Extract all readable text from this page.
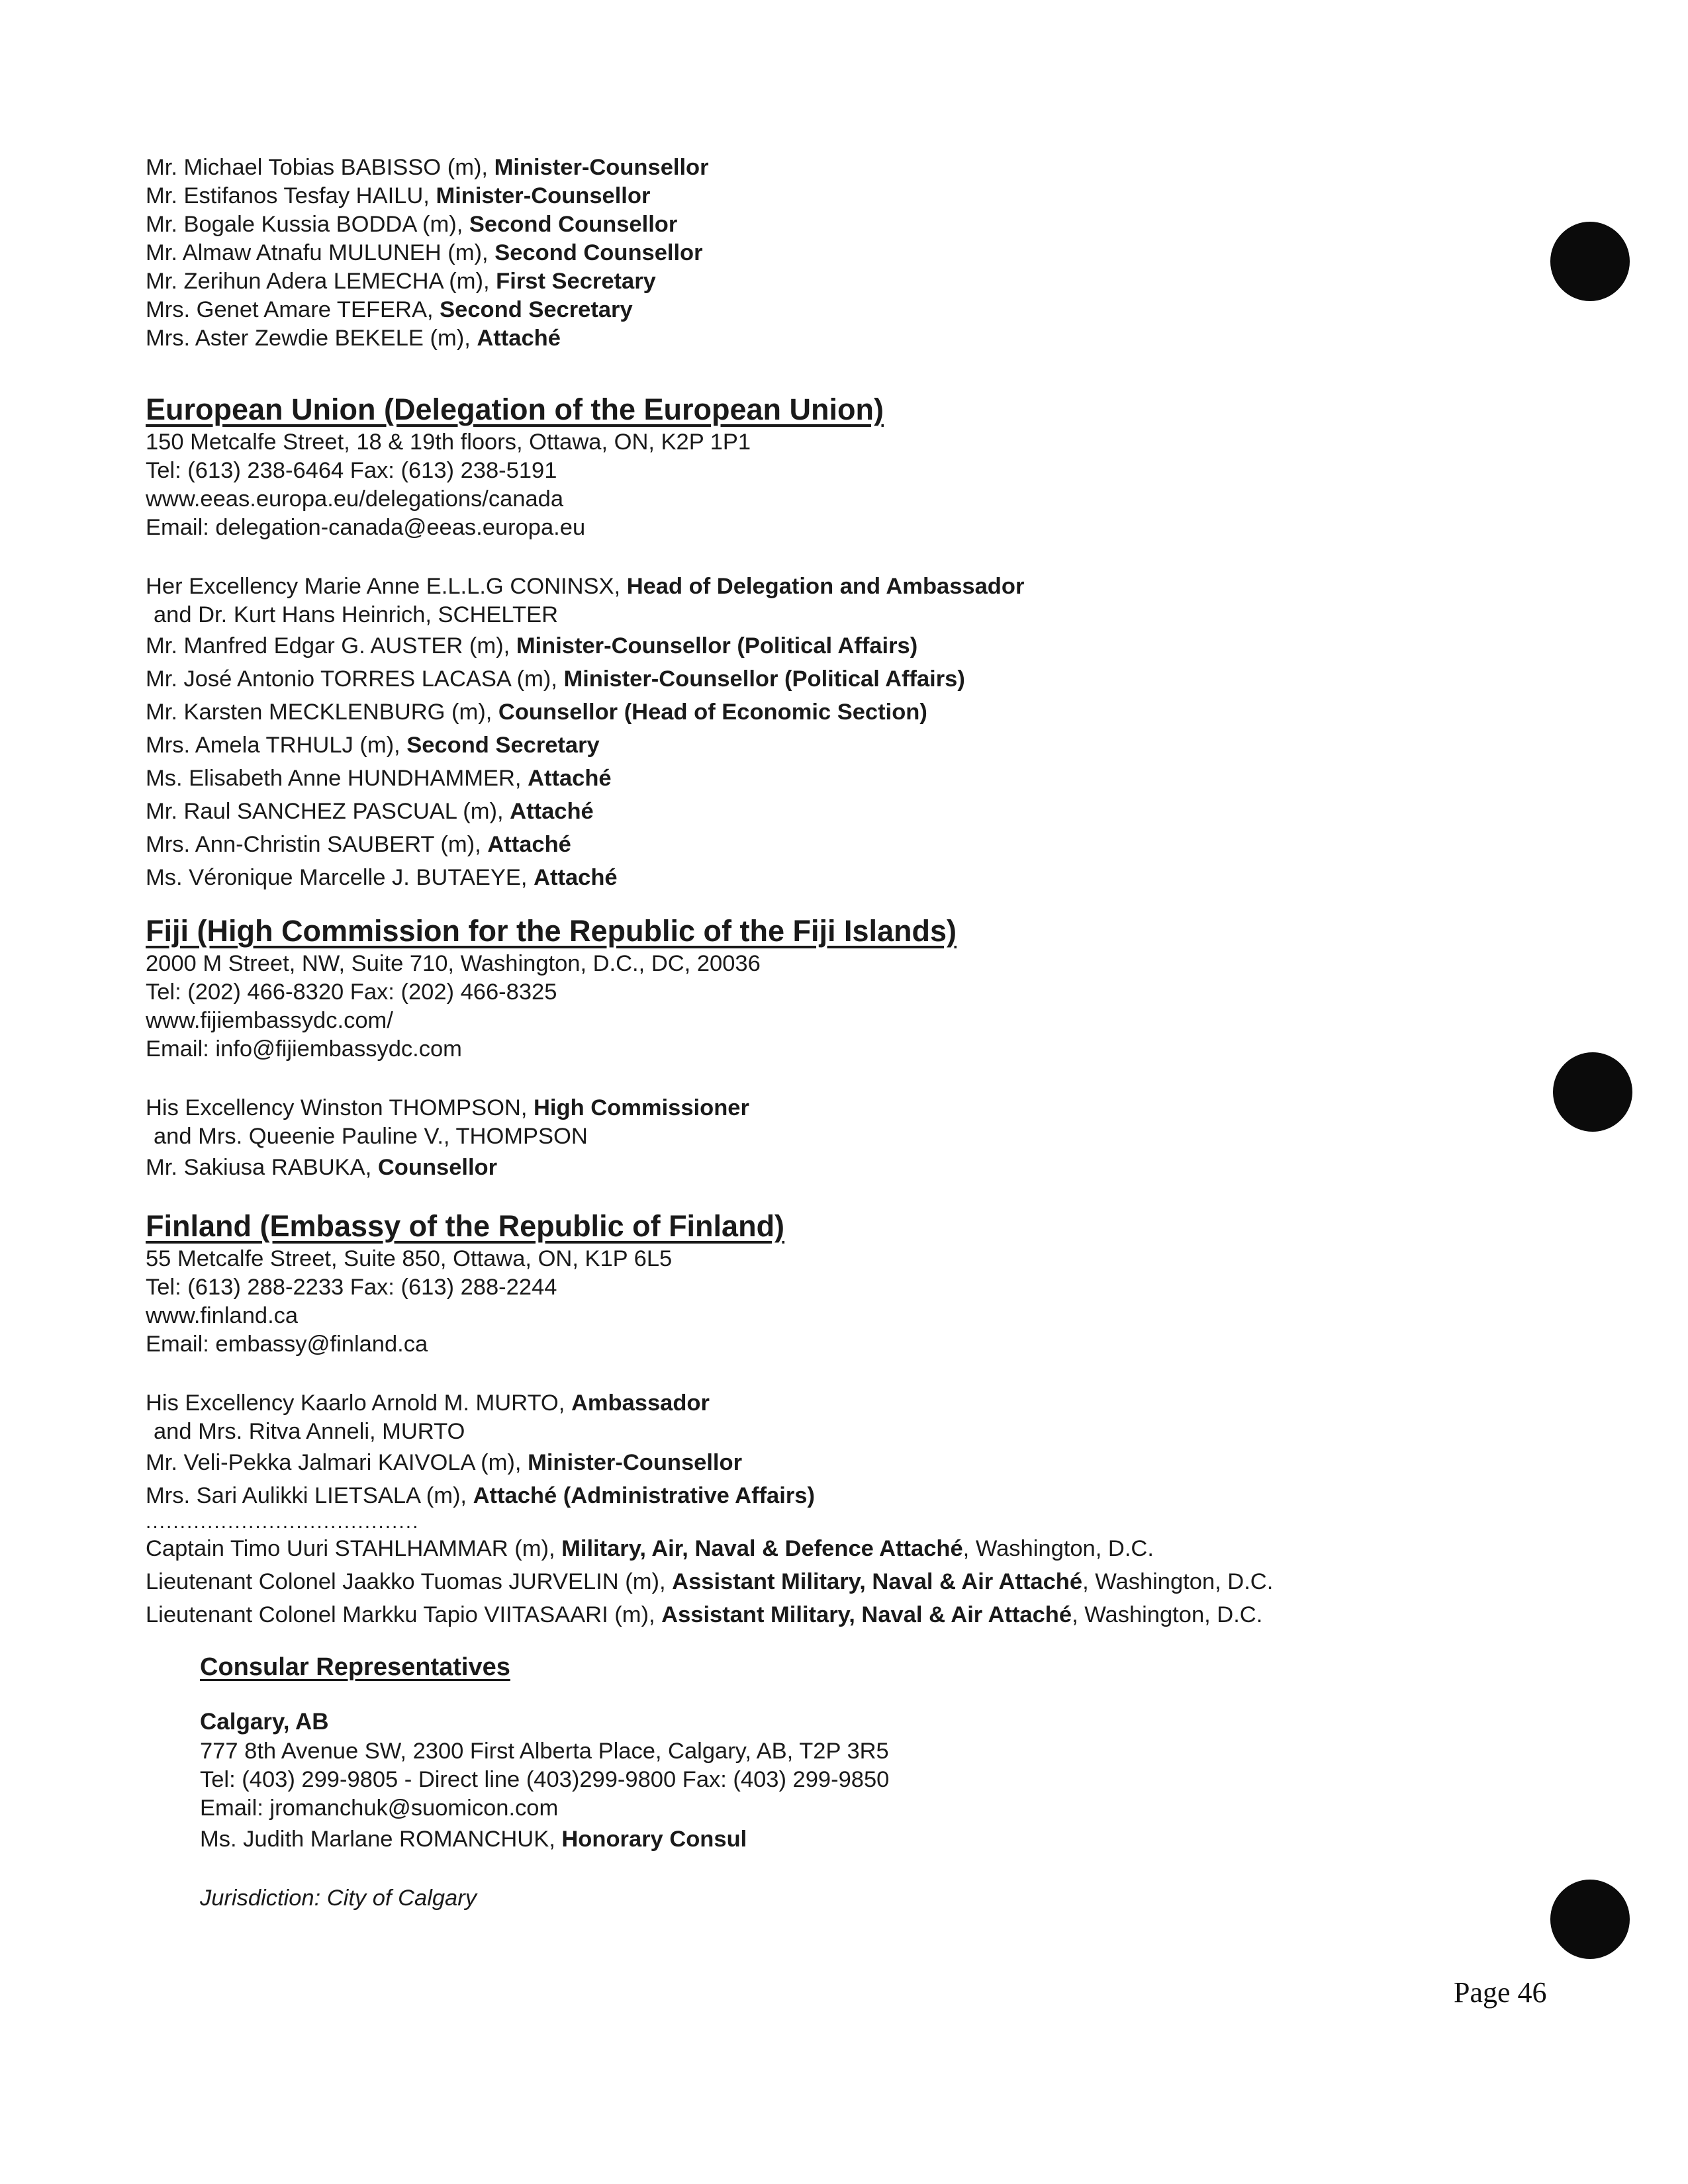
Mr. Michael Tobias BABISSO (m), Minister-Counsellor
Mr. Estifanos Tesfay HAILU, Minister-Counsellor
Mr. Bogale Kussia BODDA (m), Second Counsellor
Mr. Almaw Atnafu MULUNEH (m), Second Counsellor
Mr. Zerihun Adera LEMECHA (m), First Secretary
Mrs. Genet Amare TEFERA, Second Secretary
Mrs. Aster Zewdie BEKELE (m), Attaché
European Union (Delegation of the European Union)
150 Metcalfe Street, 18 & 19th floors, Ottawa, ON, K2P 1P1
Tel: (613) 238-6464 Fax: (613) 238-5191
www.eeas.europa.eu/delegations/canada
Email: delegation-canada@eeas.europa.eu
Her Excellency Marie Anne E.L.L.G CONINSX, Head of Delegation and Ambassador
and Dr. Kurt Hans Heinrich, SCHELTER
Mr. Manfred Edgar G. AUSTER (m), Minister-Counsellor (Political Affairs)
Mr. José Antonio TORRES LACASA (m), Minister-Counsellor (Political Affairs)
Mr. Karsten MECKLENBURG (m), Counsellor (Head of Economic Section)
Mrs. Amela TRHULJ (m), Second Secretary
Ms. Elisabeth Anne HUNDHAMMER, Attaché
Mr. Raul SANCHEZ PASCUAL (m), Attaché
Mrs. Ann-Christin SAUBERT (m), Attaché
Ms. Véronique Marcelle J. BUTAEYE, Attaché
Fiji (High Commission for the Republic of the Fiji Islands)
2000 M Street, NW, Suite 710, Washington, D.C., DC, 20036
Tel: (202) 466-8320 Fax: (202) 466-8325
www.fijiembassydc.com/
Email: info@fijiembassydc.com
His Excellency Winston THOMPSON, High Commissioner
and Mrs. Queenie Pauline V., THOMPSON
Mr. Sakiusa RABUKA, Counsellor
Finland (Embassy of the Republic of Finland)
55 Metcalfe Street, Suite 850, Ottawa, ON, K1P 6L5
Tel: (613) 288-2233 Fax: (613) 288-2244
www.finland.ca
Email: embassy@finland.ca
His Excellency Kaarlo Arnold M. MURTO, Ambassador
and Mrs. Ritva Anneli, MURTO
Mr. Veli-Pekka Jalmari KAIVOLA (m), Minister-Counsellor
Mrs. Sari Aulikki LIETSALA (m), Attaché (Administrative Affairs)
........................................
Captain Timo Uuri STAHLHAMMAR (m), Military, Air, Naval & Defence Attaché, Washington, D.C.
Lieutenant Colonel Jaakko Tuomas JURVELIN (m), Assistant Military, Naval & Air Attaché, Washington, D.C.
Lieutenant Colonel Markku Tapio VIITASAARI (m), Assistant Military, Naval & Air Attaché, Washington, D.C.
Consular Representatives
Calgary, AB
777 8th Avenue SW, 2300 First Alberta Place, Calgary, AB, T2P 3R5
Tel: (403) 299-9805 - Direct line (403)299-9800 Fax: (403) 299-9850
Email: jromanchuk@suomicon.com
Ms. Judith Marlane ROMANCHUK, Honorary Consul
Jurisdiction: City of Calgary
Page 46
